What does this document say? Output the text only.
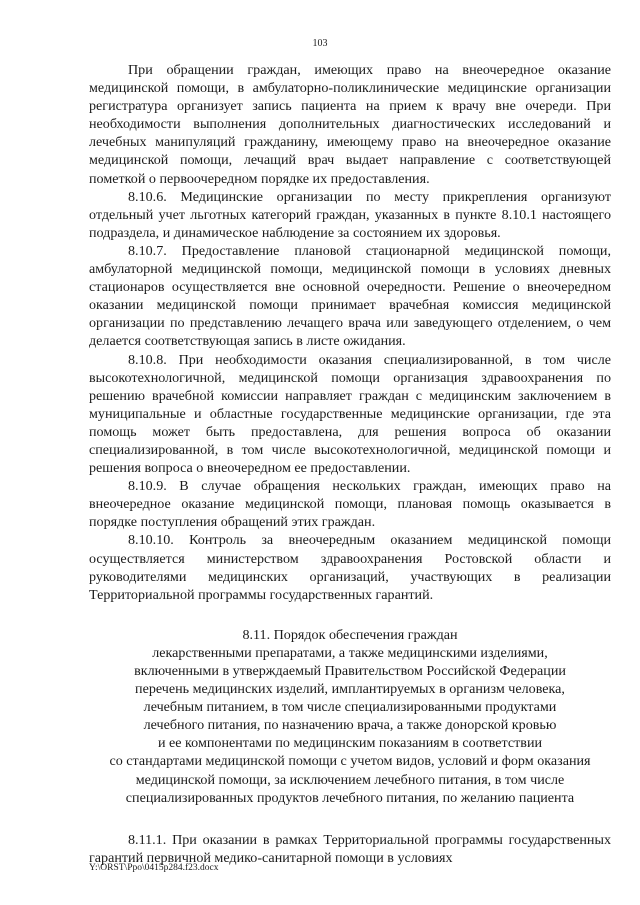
103

При обращении граждан, имеющих право на внеочередное оказание медицинской помощи, в амбулаторно-поликлинические медицинские организации регистратура организует запись пациента на прием к врачу вне очереди. При необходимости выполнения дополнительных диагностических исследований и лечебных манипуляций гражданину, имеющему право на внеочередное оказание медицинской помощи, лечащий врач выдает направление с соответствующей пометкой о первоочередном порядке их предоставления.

8.10.6. Медицинские организации по месту прикрепления организуют отдельный учет льготных категорий граждан, указанных в пункте 8.10.1 настоящего подраздела, и динамическое наблюдение за состоянием их здоровья.

8.10.7. Предоставление плановой стационарной медицинской помощи, амбулаторной медицинской помощи, медицинской помощи в условиях дневных стационаров осуществляется вне основной очередности. Решение о внеочередном оказании медицинской помощи принимает врачебная комиссия медицинской организации по представлению лечащего врача или заведующего отделением, о чем делается соответствующая запись в листе ожидания.

8.10.8. При необходимости оказания специализированной, в том числе высокотехнологичной, медицинской помощи организация здравоохранения по решению врачебной комиссии направляет граждан с медицинским заключением в муниципальные и областные государственные медицинские организации, где эта помощь может быть предоставлена, для решения вопроса об оказании специализированной, в том числе высокотехнологичной, медицинской помощи и решения вопроса о внеочередном ее предоставлении.

8.10.9. В случае обращения нескольких граждан, имеющих право на внеочередное оказание медицинской помощи, плановая помощь оказывается в порядке поступления обращений этих граждан.

8.10.10. Контроль за внеочередным оказанием медицинской помощи осуществляется министерством здравоохранения Ростовской области и руководителями медицинских организаций, участвующих в реализации Территориальной программы государственных гарантий.

8.11. Порядок обеспечения граждан

лекарственными препаратами, а также медицинскими изделиями,

включенными в утверждаемый Правительством Российской Федерации

перечень медицинских изделий, имплантируемых в организм человека,

лечебным питанием, в том числе специализированными продуктами

лечебного питания, по назначению врача, а также донорской кровью

и ее компонентами по медицинским показаниям в соответствии

со стандартами медицинской помощи с учетом видов, условий и форм оказания

медицинской помощи, за исключением лечебного питания, в том числе

специализированных продуктов лечебного питания, по желанию пациента

8.11.1. При оказании в рамках Территориальной программы государственных гарантий первичной медико-санитарной помощи в условиях

Y:\ORST\Ppo\0415p284.f23.docx
